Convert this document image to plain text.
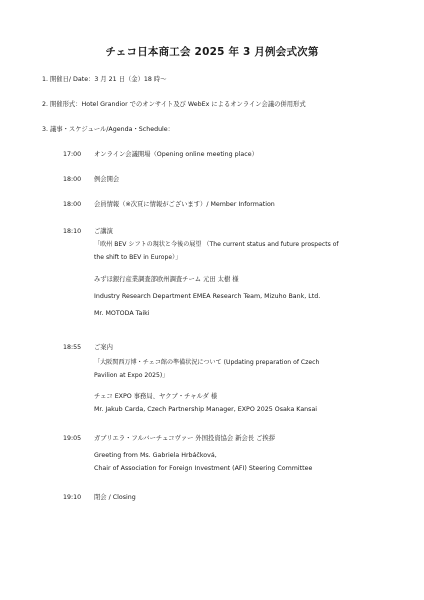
チェコ日本商工会 2025 年 3 月例会式次第
1. 開催日/ Date：3 月 21 日（金）18 時～
2. 開催形式：Hotel Grandior でのオンサイト及び WebEx によるオンライン会議の併用形式
3. 議事・スケジュール/Agenda・Schedule：
17:00 オンライン会議開場（Opening online meeting place）
18:00 例会開会
18:00 会員情報（※次頁に情報がございます）/ Member Information
18:10 ご講演
「欧州 BEV シフトの現状と今後の展望 （The current status and future prospects of
the shift to BEV in Europe）」
みずほ銀行産業調査部欧州調査チーム 元田 太樹 様
Industry Research Department EMEA Research Team, Mizuho Bank, Ltd.
Mr. MOTODA Taiki
18:55 ご案内
「大阪関西万博・チェコ館の準備状況について (Updating preparation of Czech
Pavilion at Expo 2025)」
チェコ EXPO 事務局、ヤクブ・チャルダ 様
Mr. Jakub Carda, Czech Partnership Manager, EXPO 2025 Osaka Kansai
19:05 ガブリエラ・フルバーチュコヴァー 外国投資協会 新会長 ご挨拶
Greeting from Ms. Gabriela Hrbáčková,
Chair of Association for Foreign Investment (AFI) Steering Committee
19:10 閉会 / Closing
